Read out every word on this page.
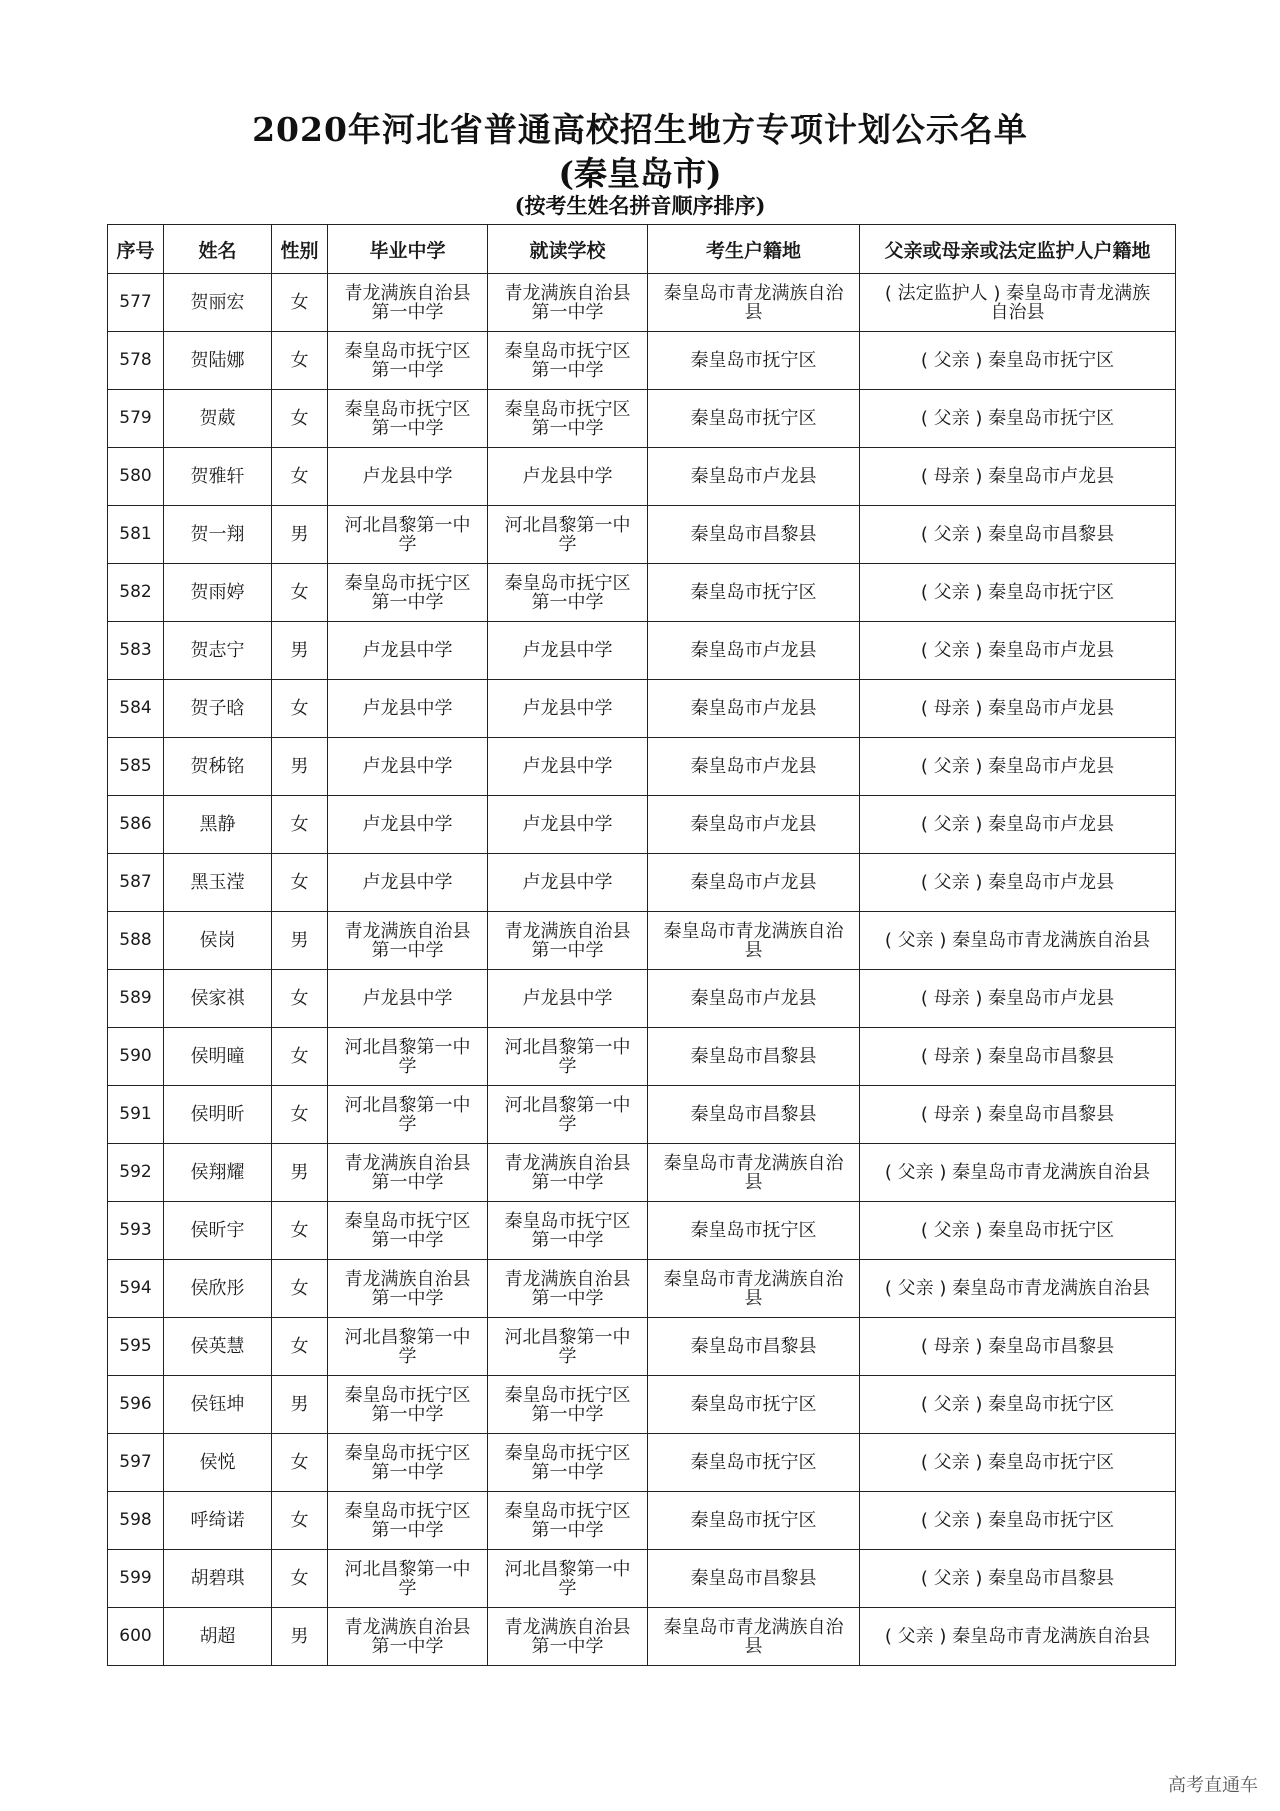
2020年河北省普通高校招生地方专项计划公示名单
(秦皇岛市)
(按考生姓名拼音顺序排序)
序号	姓名	性别	毕业中学	就读学校	考生户籍地	父亲或母亲或法定监护人户籍地
577	贺丽宏	女	青龙满族自治县
第一中学	青龙满族自治县
第一中学	秦皇岛市青龙满族自治
县	( 法定监护人 ) 秦皇岛市青龙满族
自治县

578	贺陆娜	女	秦皇岛市抚宁区
第一中学	秦皇岛市抚宁区
第一中学	秦皇岛市抚宁区	( 父亲 ) 秦皇岛市抚宁区

579	贺葳	女	秦皇岛市抚宁区
第一中学	秦皇岛市抚宁区
第一中学	秦皇岛市抚宁区	( 父亲 ) 秦皇岛市抚宁区

580	贺雅轩	女	卢龙县中学	卢龙县中学	秦皇岛市卢龙县	( 母亲 ) 秦皇岛市卢龙县

581	贺一翔	男	河北昌黎第一中
学	河北昌黎第一中
学	秦皇岛市昌黎县	( 父亲 ) 秦皇岛市昌黎县

582	贺雨婷	女	秦皇岛市抚宁区
第一中学	秦皇岛市抚宁区
第一中学	秦皇岛市抚宁区	( 父亲 ) 秦皇岛市抚宁区

583	贺志宁	男	卢龙县中学	卢龙县中学	秦皇岛市卢龙县	( 父亲 ) 秦皇岛市卢龙县

584	贺子晗	女	卢龙县中学	卢龙县中学	秦皇岛市卢龙县	( 母亲 ) 秦皇岛市卢龙县

585	贺秭铭	男	卢龙县中学	卢龙县中学	秦皇岛市卢龙县	( 父亲 ) 秦皇岛市卢龙县

586	黑静	女	卢龙县中学	卢龙县中学	秦皇岛市卢龙县	( 父亲 ) 秦皇岛市卢龙县

587	黑玉滢	女	卢龙县中学	卢龙县中学	秦皇岛市卢龙县	( 父亲 ) 秦皇岛市卢龙县

588	侯岗	男	青龙满族自治县
第一中学	青龙满族自治县
第一中学	秦皇岛市青龙满族自治
县	( 父亲 ) 秦皇岛市青龙满族自治县

589	侯家祺	女	卢龙县中学	卢龙县中学	秦皇岛市卢龙县	( 母亲 ) 秦皇岛市卢龙县

590	侯明曈	女	河北昌黎第一中
学	河北昌黎第一中
学	秦皇岛市昌黎县	( 母亲 ) 秦皇岛市昌黎县

591	侯明昕	女	河北昌黎第一中
学	河北昌黎第一中
学	秦皇岛市昌黎县	( 母亲 ) 秦皇岛市昌黎县

592	侯翔耀	男	青龙满族自治县
第一中学	青龙满族自治县
第一中学	秦皇岛市青龙满族自治
县	( 父亲 ) 秦皇岛市青龙满族自治县

593	侯昕宇	女	秦皇岛市抚宁区
第一中学	秦皇岛市抚宁区
第一中学	秦皇岛市抚宁区	( 父亲 ) 秦皇岛市抚宁区

594	侯欣彤	女	青龙满族自治县
第一中学	青龙满族自治县
第一中学	秦皇岛市青龙满族自治
县	( 父亲 ) 秦皇岛市青龙满族自治县

595	侯英慧	女	河北昌黎第一中
学	河北昌黎第一中
学	秦皇岛市昌黎县	( 母亲 ) 秦皇岛市昌黎县

596	侯钰坤	男	秦皇岛市抚宁区
第一中学	秦皇岛市抚宁区
第一中学	秦皇岛市抚宁区	( 父亲 ) 秦皇岛市抚宁区

597	侯悦	女	秦皇岛市抚宁区
第一中学	秦皇岛市抚宁区
第一中学	秦皇岛市抚宁区	( 父亲 ) 秦皇岛市抚宁区

598	呼绮诺	女	秦皇岛市抚宁区
第一中学	秦皇岛市抚宁区
第一中学	秦皇岛市抚宁区	( 父亲 ) 秦皇岛市抚宁区

599	胡碧琪	女	河北昌黎第一中
学	河北昌黎第一中
学	秦皇岛市昌黎县	( 父亲 ) 秦皇岛市昌黎县

600	胡超	男	青龙满族自治县
第一中学	青龙满族自治县
第一中学	秦皇岛市青龙满族自治
县	( 父亲 ) 秦皇岛市青龙满族自治县
高考直通车
